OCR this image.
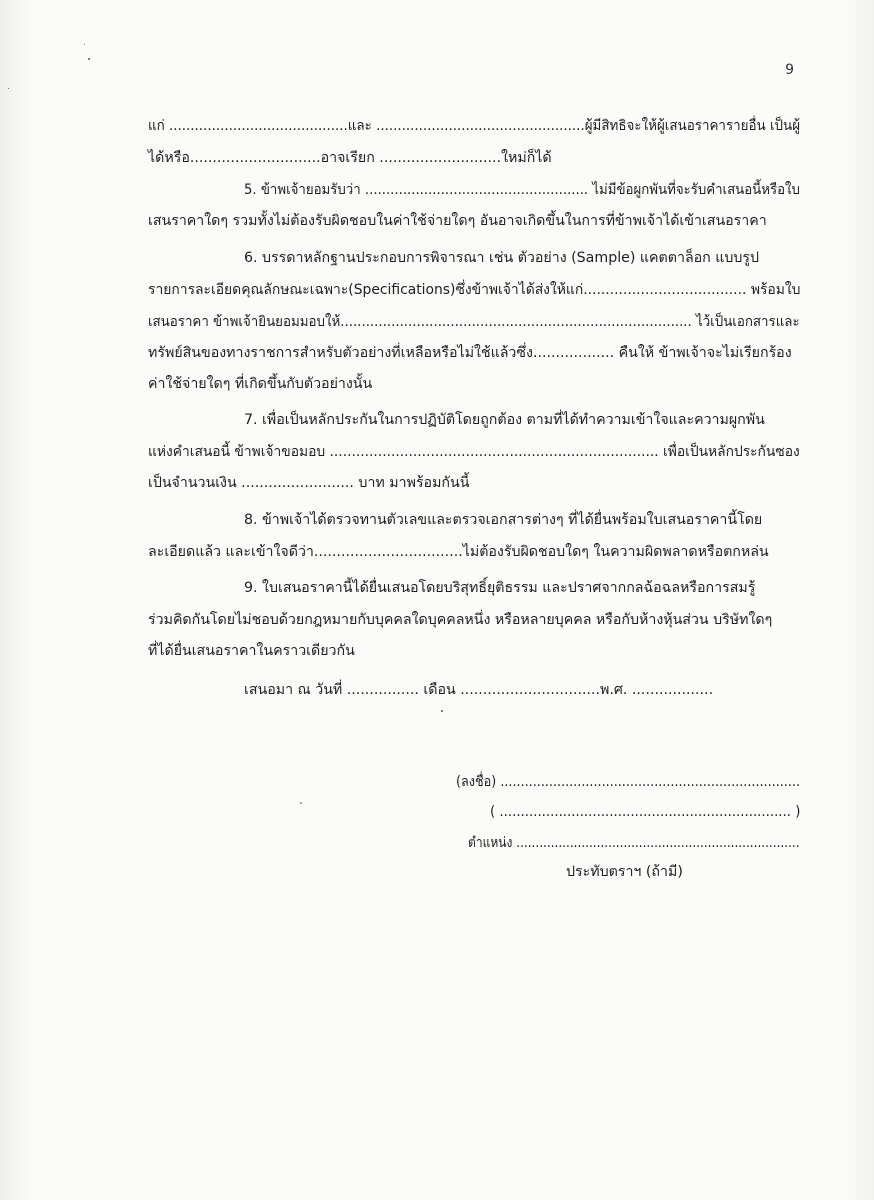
9
แก่ ..........................................และ .................................................ผู้มีสิทธิจะให้ผู้เสนอราคารายอื่น เป็นผู้
ได้หรือ.............................อาจเรียก ...........................ใหม่ก็ได้
5. ข้าพเจ้ายอมรับว่า ..................................................... ไม่มีข้อผูกพันที่จะรับคำเสนอนี้หรือใบ
เสนราคาใดๆ รวมทั้งไม่ต้องรับผิดชอบในค่าใช้จ่ายใดๆ อันอาจเกิดขึ้นในการที่ข้าพเจ้าได้เข้าเสนอราคา
6. บรรดาหลักฐานประกอบการพิจารณา เช่น ตัวอย่าง (Sample) แคตตาล็อก แบบรูป
รายการละเอียดคุณลักษณะเฉพาะ(Specifications)ซึ่งข้าพเจ้าได้ส่งให้แก่..................................... พร้อมใบ
เสนอราคา ข้าพเจ้ายินยอมมอบให้................................................................................... ไว้เป็นเอกสารและ
ทรัพย์สินของทางราชการสำหรับตัวอย่างที่เหลือหรือไม่ใช้แล้วซึ่ง.................. คืนให้ ข้าพเจ้าจะไม่เรียกร้อง
ค่าใช้จ่ายใดๆ ที่เกิดขึ้นกับตัวอย่างนั้น
7. เพื่อเป็นหลักประกันในการปฏิบัติโดยถูกต้อง ตามที่ได้ทำความเข้าใจและความผูกพัน
แห่งคำเสนอนี้ ข้าพเจ้าขอมอบ ........................................................................... เพื่อเป็นหลักประกันซอง
เป็นจำนวนเงิน ......................... บาท มาพร้อมกันนี้
8. ข้าพเจ้าได้ตรวจทานตัวเลขและตรวจเอกสารต่างๆ ที่ได้ยื่นพร้อมใบเสนอราคานี้โดย
ละเอียดแล้ว และเข้าใจดีว่า.................................ไม่ต้องรับผิดชอบใดๆ ในความผิดพลาดหรือตกหล่น
9. ใบเสนอราคานี้ได้ยื่นเสนอโดยบริสุทธิ์ยุติธรรม และปราศจากกลฉ้อฉลหรือการสมรู้
ร่วมคิดกันโดยไม่ชอบด้วยกฎหมายกับบุคคลใดบุคคลหนึ่ง หรือหลายบุคคล หรือกับห้างหุ้นส่วน บริษัทใดๆ
ที่ได้ยื่นเสนอราคาในคราวเดียวกัน
เสนอมา ณ วันที่ ................ เดือน ...............................พ.ศ. ..................
(ลงชื่อ) ..........................................................................
( ..................................................................... )
ตำแหน่ง ..........................................................................
ประทับตราฯ (ถ้ามี)
